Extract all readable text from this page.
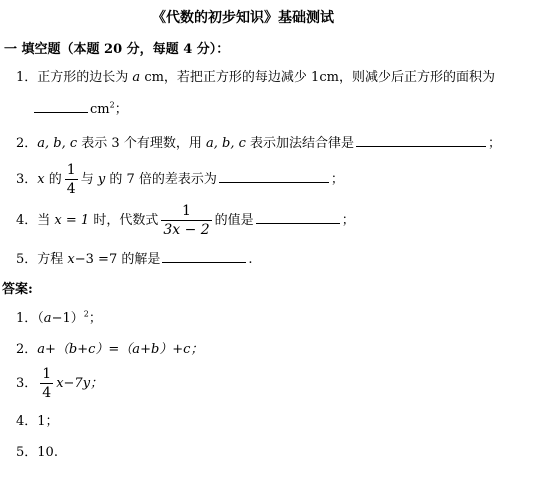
《代数的初步知识》基础测试
一 填空题（本题 20 分，每题 4 分）：
1．正方形的边长为 a cm，若把正方形的每边减少 1cm，则减少后正方形的面积为
$cm^2$；
2．a, b, c 表示 3 个有理数，用 a, b, c 表示加法结合律是	；
3．x 的 $\frac{1}{4}$ 与 y 的 7 倍的差表示为	；
4．当 x = 1 时，代数式 $\frac{1}{3x - 2}$ 的值是	；
5．方程 x−3 =7 的解是	.
答案:
1．$(a-1)^2$；
2．a+（b+c）=（a+b）+c；
3． $\frac{1}{4} x-7y$；
4．1；
5．10.
